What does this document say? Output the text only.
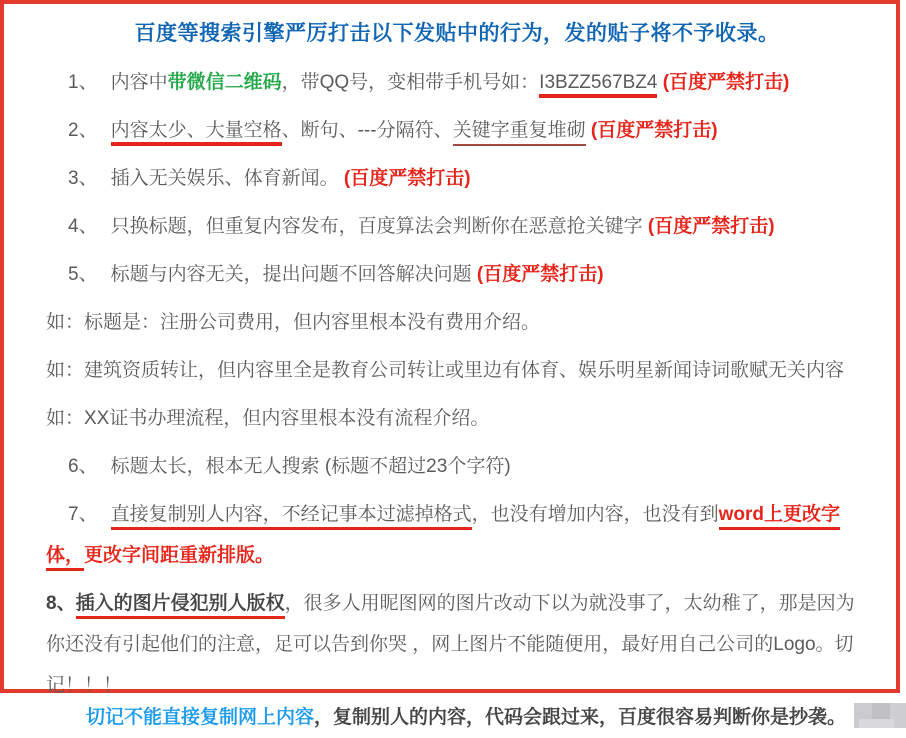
百度等搜索引擎严厉打击以下发贴中的行为，发的贴子将不予收录。

1、 内容中带微信二维码，带QQ号，变相带手机号如：I3BZZ567BZ4 (百度严禁打击)

2、 内容太少、大量空格、断句、---分隔符、关键字重复堆砌 (百度严禁打击)

3、 插入无关娱乐、体育新闻。 (百度严禁打击)

4、 只换标题，但重复内容发布，百度算法会判断你在恶意抢关键字 (百度严禁打击)

5、 标题与内容无关，提出问题不回答解决问题 (百度严禁打击)

如：标题是：注册公司费用，但内容里根本没有费用介绍。

如：建筑资质转让，但内容里全是教育公司转让或里边有体育、娱乐明星新闻诗词歌赋无关内容

如：XX证书办理流程，但内容里根本没有流程介绍。

6、 标题太长，根本无人搜索 (标题不超过23个字符)

7、 直接复制别人内容，不经记事本过滤掉格式，也没有增加内容，也没有到word上更改字体，更改字间距重新排版。

8、插入的图片侵犯别人版权，很多人用昵图网的图片改动下以为就没事了，太幼稚了，那是因为你还没有引起他们的注意，足可以告到你哭 ，网上图片不能随便用，最好用自己公司的Logo。切记！！！

切记不能直接复制网上内容，复制别人的内容，代码会跟过来，百度很容易判断你是抄袭。
